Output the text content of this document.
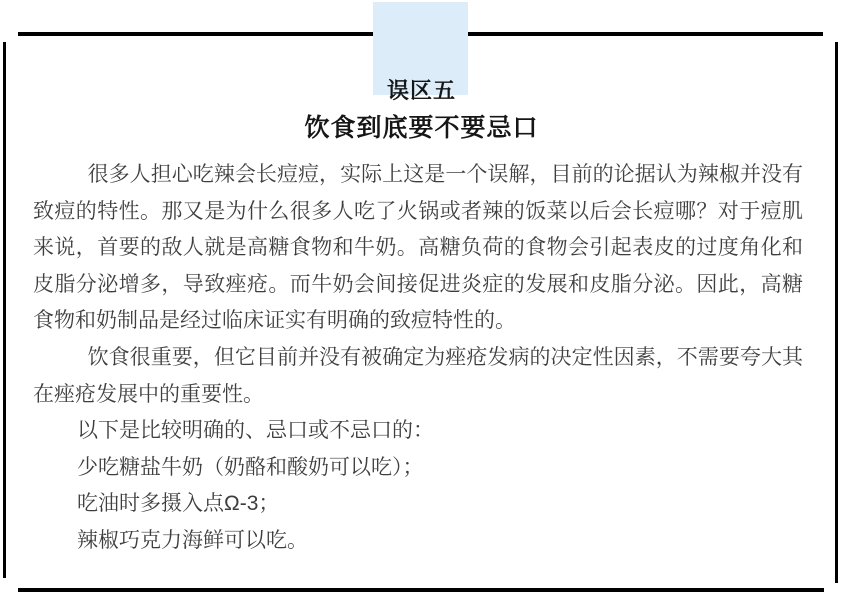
误区五
饮食到底要不要忌口

很多人担心吃辣会长痘痘，实际上这是一个误解，目前的论据认为辣椒并没有致痘的特性。那又是为什么很多人吃了火锅或者辣的饭菜以后会长痘哪？对于痘肌来说，首要的敌人就是高糖食物和牛奶。高糖负荷的食物会引起表皮的过度角化和皮脂分泌增多，导致痤疮。而牛奶会间接促进炎症的发展和皮脂分泌。因此，高糖食物和奶制品是经过临床证实有明确的致痘特性的。

饮食很重要，但它目前并没有被确定为痤疮发病的决定性因素，不需要夸大其在痤疮发展中的重要性。

以下是比较明确的、忌口或不忌口的：

少吃糖盐牛奶（奶酪和酸奶可以吃）；

吃油时多摄入点Ω-3；

辣椒巧克力海鲜可以吃。
